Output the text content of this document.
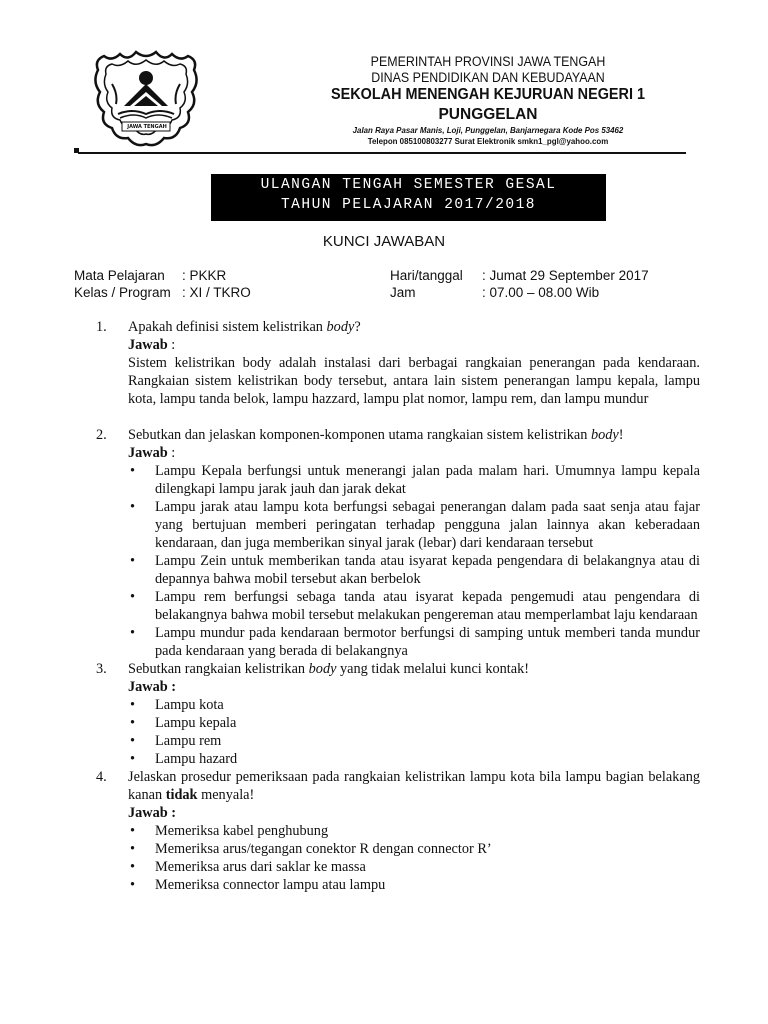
JAWA TENGAH
PEMERINTAH PROVINSI JAWA TENGAH
DINAS PENDIDIKAN DAN KEBUDAYAAN
SEKOLAH MENENGAH KEJURUAN NEGERI 1
PUNGGELAN
Jalan Raya Pasar Manis, Loji, Punggelan, Banjarnegara Kode Pos 53462
Telepon 085100803277 Surat Elektronik smkn1_pgl@yahoo.com
ULANGAN TENGAH SEMESTER GESAL
TAHUN PELAJARAN 2017/2018
KUNCI JAWABAN
Mata Pelajaran : PKKR	Hari/tanggal : Jumat 29 September 2017
Kelas / Program : XI / TKRO	Jam	: 07.00 – 08.00 Wib
1. Apakah definisi sistem kelistrikan body?
Jawab :
Sistem kelistrikan body adalah instalasi dari berbagai rangkaian penerangan pada kendaraan. Rangkaian sistem kelistrikan body tersebut, antara lain sistem penerangan lampu kepala, lampu kota, lampu tanda belok, lampu hazzard, lampu plat nomor, lampu rem, dan lampu mundur
2. Sebutkan dan jelaskan komponen-komponen utama rangkaian sistem kelistrikan body!
Jawab :
• Lampu Kepala berfungsi untuk menerangi jalan pada malam hari. Umumnya lampu kepala dilengkapi lampu jarak jauh dan jarak dekat
• Lampu jarak atau lampu kota berfungsi sebagai penerangan dalam pada saat senja atau fajar yang bertujuan memberi peringatan terhadap pengguna jalan lainnya akan keberadaan kendaraan, dan juga memberikan sinyal jarak (lebar) dari kendaraan tersebut
• Lampu Zein untuk memberikan tanda atau isyarat kepada pengendara di belakangnya atau di depannya bahwa mobil tersebut akan berbelok
• Lampu rem berfungsi sebaga tanda atau isyarat kepada pengemudi atau pengendara di belakangnya bahwa mobil tersebut melakukan pengereman atau memperlambat laju kendaraan
• Lampu mundur pada kendaraan bermotor berfungsi di samping untuk memberi tanda mundur pada kendaraan yang berada di belakangnya
3. Sebutkan rangkaian kelistrikan body yang tidak melalui kunci kontak!
Jawab :
• Lampu kota
• Lampu kepala
• Lampu rem
• Lampu hazard
4. Jelaskan prosedur pemeriksaan pada rangkaian kelistrikan lampu kota bila lampu bagian belakang kanan tidak menyala!
Jawab :
• Memeriksa kabel penghubung
• Memeriksa arus/tegangan conektor R dengan connector R’
• Memeriksa arus dari saklar ke massa
• Memeriksa connector lampu atau lampu
